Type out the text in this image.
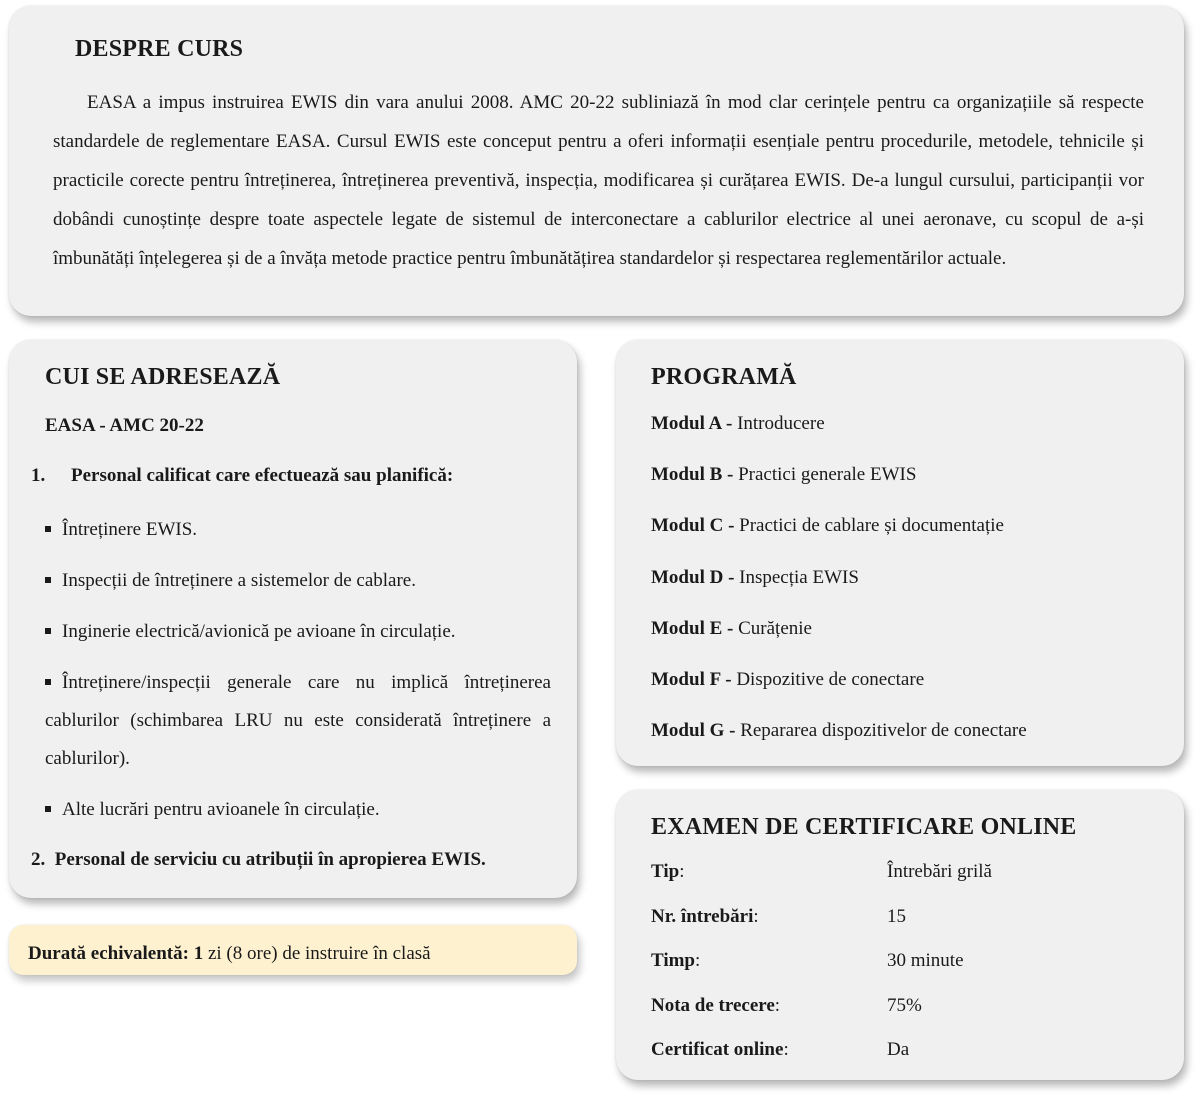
DESPRE CURS

EASA a impus instruirea EWIS din vara anului 2008. AMC 20-22 subliniază în mod clar cerințele pentru ca organizațiile să respecte standardele de reglementare EASA. Cursul EWIS este conceput pentru a oferi informații esențiale pentru procedurile, metodele, tehnicile și practicile corecte pentru întreținerea, întreținerea preventivă, inspecția, modificarea și curățarea EWIS. De-a lungul cursului, participanții vor dobândi cunoștințe despre toate aspectele legate de sistemul de interconectare a cablurilor electrice al unei aeronave, cu scopul de a-și îmbunătăți înțelegerea și de a învăța metode practice pentru îmbunătățirea standardelor și respectarea reglementărilor actuale.

CUI SE ADRESEAZĂ
EASA - AMC 20-22
1. Personal calificat care efectuează sau planifică:
Întreținere EWIS.
Inspecții de întreținere a sistemelor de cablare.
Inginerie electrică/avionică pe avioane în circulație.
Întreținere/inspecții generale care nu implică întreținerea cablurilor (schimbarea LRU nu este considerată întreținere a cablurilor).
Alte lucrări pentru avioanele în circulație.
2. Personal de serviciu cu atribuții în apropierea EWIS.
Durată echivalentă: 1 zi (8 ore) de instruire în clasă
PROGRAMĂ
Modul A - Introducere
Modul B - Practici generale EWIS
Modul C - Practici de cablare și documentație
Modul D - Inspecția EWIS
Modul E - Curățenie
Modul F - Dispozitive de conectare
Modul G - Repararea dispozitivelor de conectare
EXAMEN DE CERTIFICARE ONLINE
Tip:	Întrebări grilă
Nr. întrebări:	15
Timp:	30 minute
Nota de trecere:	75%
Certificat online:	Da
